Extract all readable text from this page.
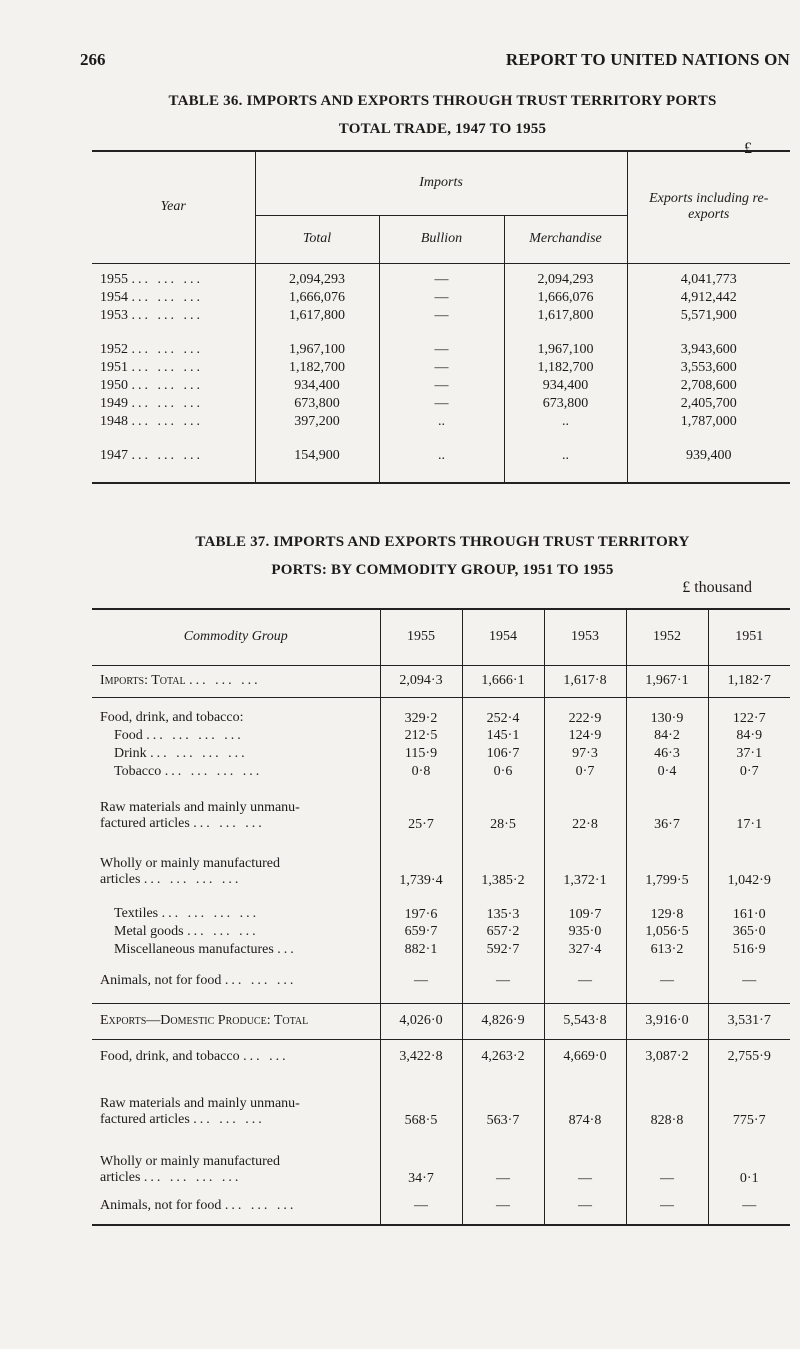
266	REPORT TO UNITED NATIONS ON
TABLE 36. IMPORTS AND EXPORTS THROUGH TRUST TERRITORY PORTS
TOTAL TRADE, 1947 TO 1955
£
Year	Imports			Exports including re-exports
	Total	Bullion	Merchandise	

1955 ... ... ...	2,094,293	—	2,094,293	4,041,773
1954 ... ... ...	1,666,076	—	1,666,076	4,912,442
1953 ... ... ...	1,617,800	—	1,617,800	5,571,900

1952 ... ... ...	1,967,100	—	1,967,100	3,943,600
1951 ... ... ...	1,182,700	—	1,182,700	3,553,600
1950 ... ... ...	934,400	—	934,400	2,708,600
1949 ... ... ...	673,800	—	673,800	2,405,700
1948 ... ... ...	397,200	..	..	1,787,000

1947 ... ... ...	154,900	..	..	939,400

TABLE 37. IMPORTS AND EXPORTS THROUGH TRUST TERRITORY
PORTS: BY COMMODITY GROUP, 1951 TO 1955
£ thousand
Commodity Group	1955	1954	1953	1952	1951
Imports: Total ... ... ...	2,094·3	1,666·1	1,617·8	1,967·1	1,182·7
Food, drink, and tobacco:	329·2	252·4	222·9	130·9	122·7
Food ... ... ... ...	212·5	145·1	124·9	84·2	84·9
Drink ... ... ... ...	115·9	106·7	97·3	46·3	37·1
Tobacco ... ... ... ...	0·8	0·6	0·7	0·4	0·7

Raw materials and mainly unmanu-
factured articles ... ... ...	25·7	28·5	22·8	36·7	17·1

Wholly or mainly manufactured
articles ... ... ... ...	1,739·4	1,385·2	1,372·1	1,799·5	1,042·9
Textiles ... ... ... ...	197·6	135·3	109·7	129·8	161·0
Metal goods ... ... ...	659·7	657·2	935·0	1,056·5	365·0
Miscellaneous manufactures ...	882·1	592·7	327·4	613·2	516·9
Animals, not for food ... ... ...	—	—	—	—	—
Exports—Domestic Produce: Total	4,026·0	4,826·9	5,543·8	3,916·0	3,531·7
Food, drink, and tobacco ... ...	3,422·8	4,263·2	4,669·0	3,087·2	2,755·9

Raw materials and mainly unmanu-
factured articles ... ... ...	568·5	563·7	874·8	828·8	775·7

Wholly or mainly manufactured
articles ... ... ... ...	34·7	—	—	—	0·1
Animals, not for food ... ... ...	—	—	—	—	—
